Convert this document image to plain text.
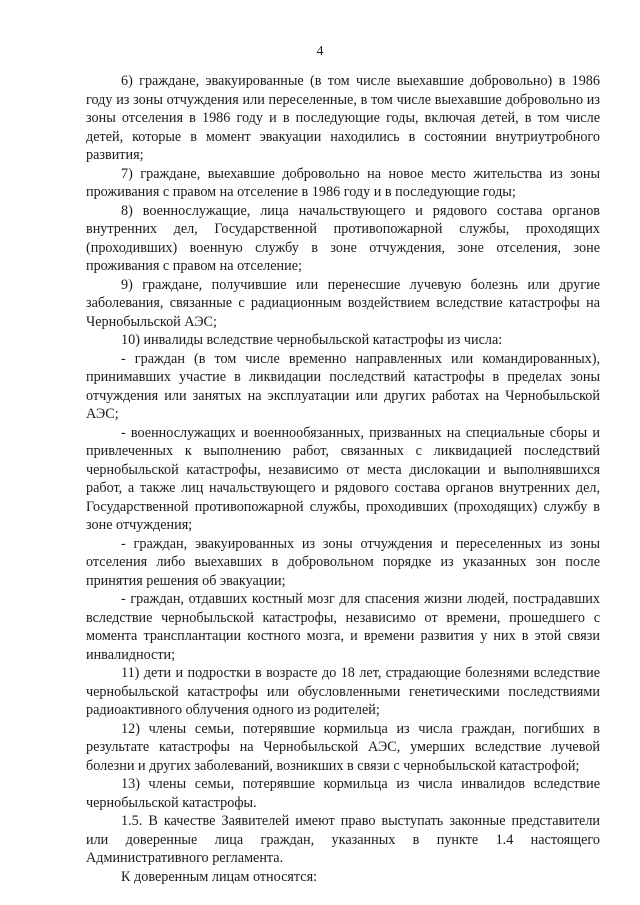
4

6) граждане, эвакуированные (в том числе выехавшие добровольно) в 1986 году из зоны отчуждения или переселенные, в том числе выехавшие добровольно из зоны отселения в 1986 году и в последующие годы, включая детей, в том числе детей, которые в момент эвакуации находились в состоянии внутриутробного развития;

7) граждане, выехавшие добровольно на новое место жительства из зоны проживания с правом на отселение в 1986 году и в последующие годы;

8) военнослужащие, лица начальствующего и рядового состава органов внутренних дел, Государственной противопожарной службы, проходящих (проходивших) военную службу в зоне отчуждения, зоне отселения, зоне проживания с правом на отселение;

9) граждане, получившие или перенесшие лучевую болезнь или другие заболевания, связанные с радиационным воздействием вследствие катастрофы на Чернобыльской АЭС;

10) инвалиды вследствие чернобыльской катастрофы из числа:

- граждан (в том числе временно направленных или командированных), принимавших участие в ликвидации последствий катастрофы в пределах зоны отчуждения или занятых на эксплуатации или других работах на Чернобыльской АЭС;

- военнослужащих и военнообязанных, призванных на специальные сборы и привлеченных к выполнению работ, связанных с ликвидацией последствий чернобыльской катастрофы, независимо от места дислокации и выполнявшихся работ, а также лиц начальствующего и рядового состава органов внутренних дел, Государственной противопожарной службы, проходивших (проходящих) службу в зоне отчуждения;

- граждан, эвакуированных из зоны отчуждения и переселенных из зоны отселения либо выехавших в добровольном порядке из указанных зон после принятия решения об эвакуации;

- граждан, отдавших костный мозг для спасения жизни людей, пострадавших вследствие чернобыльской катастрофы, независимо от времени, прошедшего с момента трансплантации костного мозга, и времени развития у них в этой связи инвалидности;

11) дети и подростки в возрасте до 18 лет, страдающие болезнями вследствие чернобыльской катастрофы или обусловленными генетическими последствиями радиоактивного облучения одного из родителей;

12) члены семьи, потерявшие кормильца из числа граждан, погибших в результате катастрофы на Чернобыльской АЭС, умерших вследствие лучевой болезни и других заболеваний, возникших в связи с чернобыльской катастрофой;

13) члены семьи, потерявшие кормильца из числа инвалидов вследствие чернобыльской катастрофы.

1.5. В качестве Заявителей имеют право выступать законные представители или доверенные лица граждан, указанных в пункте 1.4 настоящего Административного регламента.

К доверенным лицам относятся:
